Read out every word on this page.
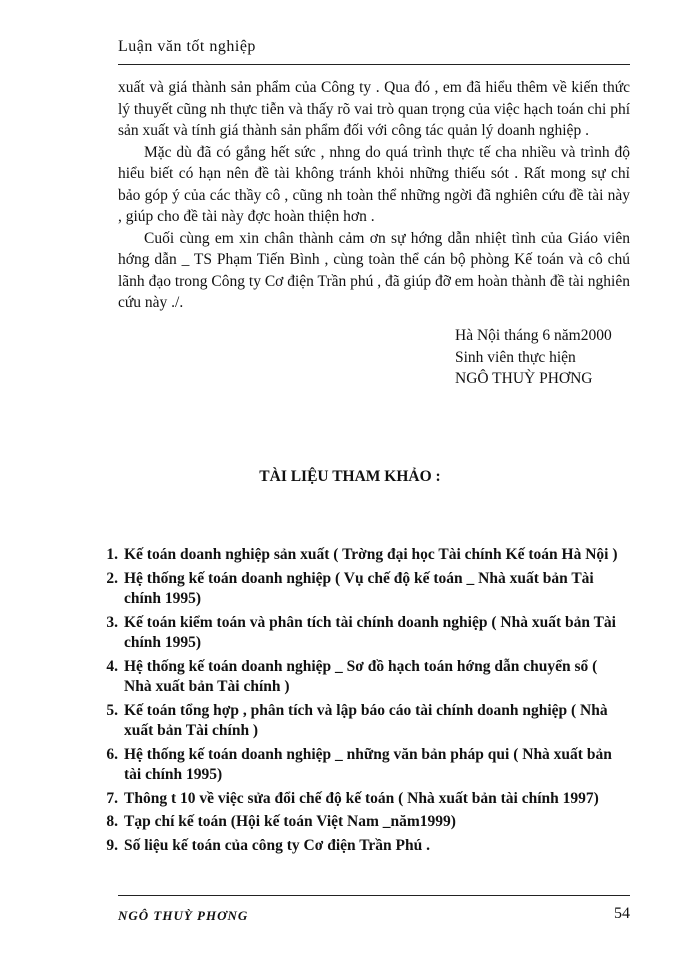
Luận văn tốt nghiệp

xuất và giá thành sản phẩm của Công ty . Qua đó , em đã hiểu thêm về kiến thức lý thuyết cũng nh thực tiễn và thấy rõ vai trò quan trọng của việc hạch toán chi phí sản xuất và tính giá thành sản phẩm đối với công tác quản lý doanh nghiệp .

Mặc dù đã có gắng hết sức , nhng do quá trình thực tế cha nhiều và trình độ hiểu biết có hạn nên đề tài không tránh khỏi những thiếu sót . Rất mong sự chỉ bảo góp ý của các thầy cô , cũng nh toàn thể những ngời đã nghiên cứu đề tài này , giúp cho đề tài này đợc hoàn thiện hơn .

Cuối cùng em xin chân thành cảm ơn sự hớng dẫn nhiệt tình của Giáo viên hớng dẫn _ TS Phạm Tiến Bình , cùng toàn thể cán bộ phòng Kế toán và cô chú lãnh đạo trong Công ty Cơ điện Trần phú , đã giúp đỡ em hoàn thành đề tài nghiên cứu này ./.

Hà Nội tháng 6 năm2000
Sinh viên thực hiện
NGÔ THUỲ PHƠNG
TÀI LIỆU THAM KHẢO :
1. Kế toán doanh nghiệp sản xuất ( Trờng đại học Tài chính Kế toán Hà Nội )
2. Hệ thống kế toán doanh nghiệp ( Vụ chế độ kế toán _ Nhà xuất bản Tài chính 1995)
3. Kế toán kiểm toán và phân tích tài chính doanh nghiệp ( Nhà xuất bản Tài chính 1995)
4. Hệ thống kế toán doanh nghiệp _ Sơ đồ hạch toán hớng dẫn chuyển sổ ( Nhà xuất bản Tài chính )
5. Kế toán tổng hợp , phân tích và lập báo cáo tài chính doanh nghiệp ( Nhà xuất bản Tài chính )
6. Hệ thống kế toán doanh nghiệp _ những văn bản pháp qui ( Nhà xuất bản tài chính 1995)
7. Thông t 10 về việc sửa đổi chế độ kế toán ( Nhà xuất bản tài chính 1997)
8. Tạp chí kế toán (Hội kế toán Việt Nam _năm1999)
9. Số liệu kế toán của công ty Cơ điện Trần Phú .
NGÔ THUỲ PHƠNG	54
